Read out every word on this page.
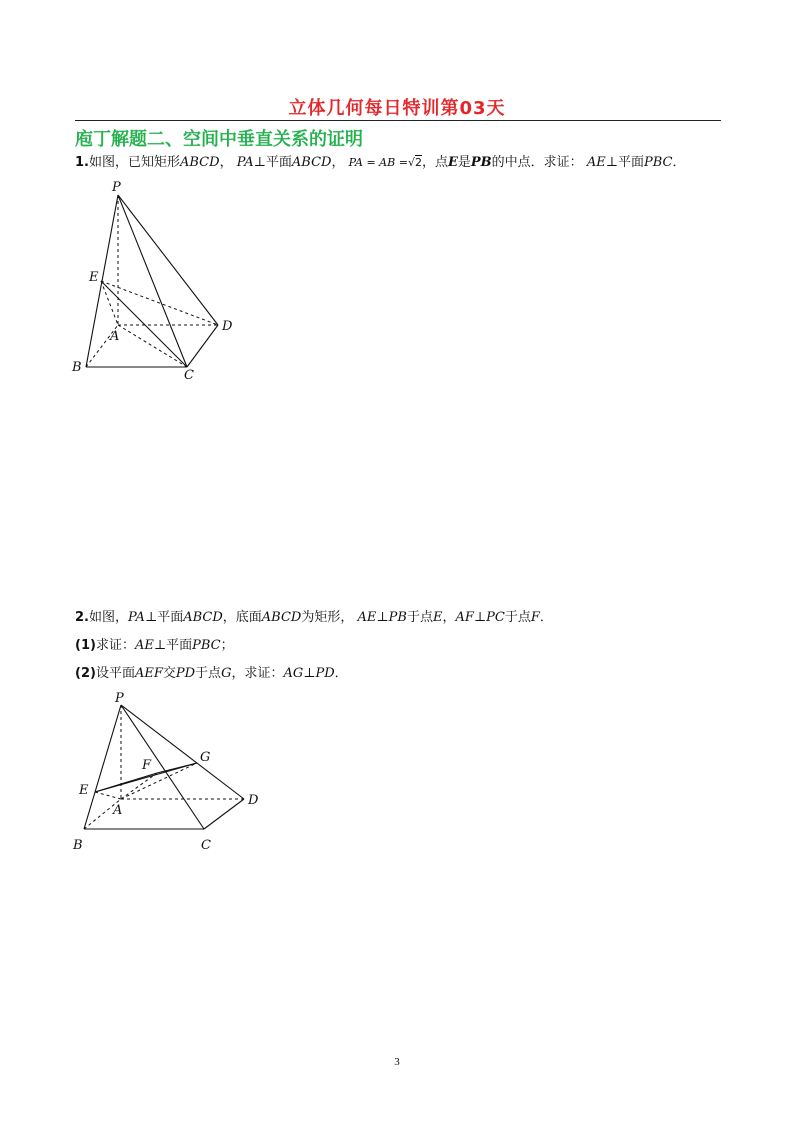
立体几何每日特训第03天
庖丁解题二、空间中垂直关系的证明
1.如图，已知矩形ABCD， PA⊥平面ABCD， PA = AB =√2，点E是PB的中点．求证： AE⊥平面PBC．
P
E
A
B
C
D
2.如图，PA⊥平面ABCD，底面ABCD为矩形， AE⊥PB于点E，AF⊥PC于点F．
(1)求证：AE⊥平面PBC；
(2)设平面AEF交PD于点G，求证：AG⊥PD．
P
E
F
G
A
B	C
D
3
